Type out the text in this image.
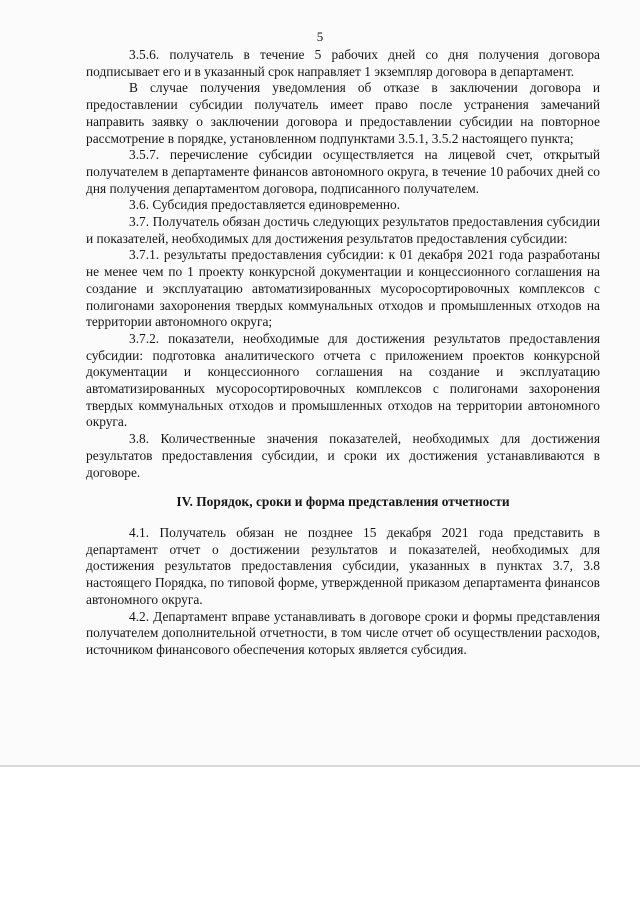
5

3.5.6. получатель в течение 5 рабочих дней со дня получения договора подписывает его и в указанный срок направляет 1 экземпляр договора в департамент.

В случае получения уведомления об отказе в заключении договора и предоставлении субсидии получатель имеет право после устранения замечаний направить заявку о заключении договора и предоставлении субсидии на повторное рассмотрение в порядке, установленном подпунктами 3.5.1, 3.5.2 настоящего пункта;

3.5.7. перечисление субсидии осуществляется на лицевой счет, открытый получателем в департаменте финансов автономного округа, в течение 10 рабочих дней со дня получения департаментом договора, подписанного получателем.

3.6. Субсидия предоставляется единовременно.

3.7. Получатель обязан достичь следующих результатов предоставления субсидии и показателей, необходимых для достижения результатов предоставления субсидии:

3.7.1. результаты предоставления субсидии: к 01 декабря 2021 года разработаны не менее чем по 1 проекту конкурсной документации и концессионного соглашения на создание и эксплуатацию автоматизированных мусоросортировочных комплексов с полигонами захоронения твердых коммунальных отходов и промышленных отходов на территории автономного округа;

3.7.2. показатели, необходимые для достижения результатов предоставления субсидии: подготовка аналитического отчета с приложением проектов конкурсной документации и концессионного соглашения на создание и эксплуатацию автоматизированных мусоросортировочных комплексов с полигонами захоронения твердых коммунальных отходов и промышленных отходов на территории автономного округа.

3.8. Количественные значения показателей, необходимых для достижения результатов предоставления субсидии, и сроки их достижения устанавливаются в договоре.

IV. Порядок, сроки и форма представления отчетности

4.1. Получатель обязан не позднее 15 декабря 2021 года представить в департамент отчет о достижении результатов и показателей, необходимых для достижения результатов предоставления субсидии, указанных в пунктах 3.7, 3.8 настоящего Порядка, по типовой форме, утвержденной приказом департамента финансов автономного округа.

4.2. Департамент вправе устанавливать в договоре сроки и формы представления получателем дополнительной отчетности, в том числе отчет об осуществлении расходов, источником финансового обеспечения которых является субсидия.
